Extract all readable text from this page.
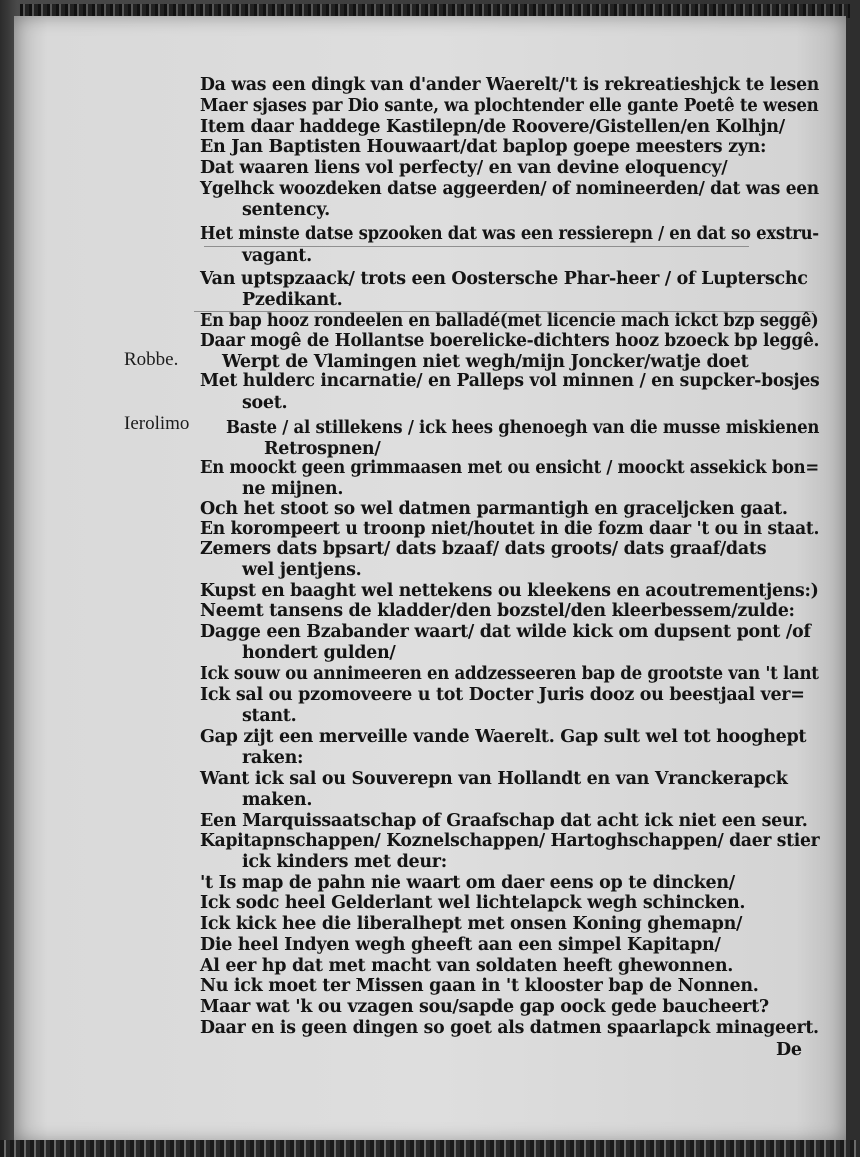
Robbe.
Ierolimo
Da was een dingk van d'ander Waerelt/'t is rekreatieshjck te lesen
Maer sjases par Dio sante, wa plochtender elle gante Poetê te wesen
Item daar haddege Kastilepn/de Roovere/Gistellen/en Kolhjn/
En Jan Baptisten Houwaart/dat baplop goepe meesters zyn:
Dat waaren liens vol perfecty/ en van devine eloquency/
Ygelhck woozdeken datse aggeerden/ of nomineerden/ dat was een
sentency.
Het minste datse spzooken dat was een ressierepn / en dat so exstru-
vagant.
Van uptspzaack/ trots een Oostersche Phar-heer / of Lupterschc
Pzedikant.
En bap hooz rondeelen en balladé(met licencie mach ickct bzp seggê)
Daar mogê de Hollantse boerelicke-dichters hooz bzoeck bp leggê.
Werpt de Vlamingen niet wegh/mijn Joncker/watje doet
Met hulderc incarnatie/ en Palleps vol minnen / en supcker-bosjes
soet.
Baste / al stillekens / ick hees ghenoegh van die musse miskienen
Retrospnen/
En moockt geen grimmaasen met ou ensicht / moockt assekick bon=
ne mijnen.
Och het stoot so wel datmen parmantigh en graceljcken gaat.
En korompeert u troonp niet/houtet in die fozm daar 't ou in staat.
Zemers dats bpsart/ dats bzaaf/ dats groots/ dats graaf/dats
wel jentjens.
Kupst en baaght wel nettekens ou kleekens en acoutrementjens:)
Neemt tansens de kladder/den bozstel/den kleerbessem/zulde:
Dagge een Bzabander waart/ dat wilde kick om dupsent pont /of
hondert gulden/
Ick souw ou annimeeren en addzesseeren bap de grootste van 't lant
Ick sal ou pzomoveere u tot Docter Juris dooz ou beestjaal ver=
stant.
Gap zijt een merveille vande Waerelt. Gap sult wel tot hooghept
raken:
Want ick sal ou Souverepn van Hollandt en van Vranckerapck
maken.
Een Marquissaatschap of Graafschap dat acht ick niet een seur.
Kapitapnschappen/ Koznelschappen/ Hartoghschappen/ daer stier
ick kinders met deur:
't Is map de pahn nie waart om daer eens op te dincken/
Ick sodc heel Gelderlant wel lichtelapck wegh schincken.
Ick kick hee die liberalhept met onsen Koning ghemapn/
Die heel Indyen wegh gheeft aan een simpel Kapitapn/
Al eer hp dat met macht van soldaten heeft ghewonnen.
Nu ick moet ter Missen gaan in 't klooster bap de Nonnen.
Maar wat 'k ou vzagen sou/sapde gap oock gede baucheert?
Daar en is geen dingen so goet als datmen spaarlapck minageert.
De
